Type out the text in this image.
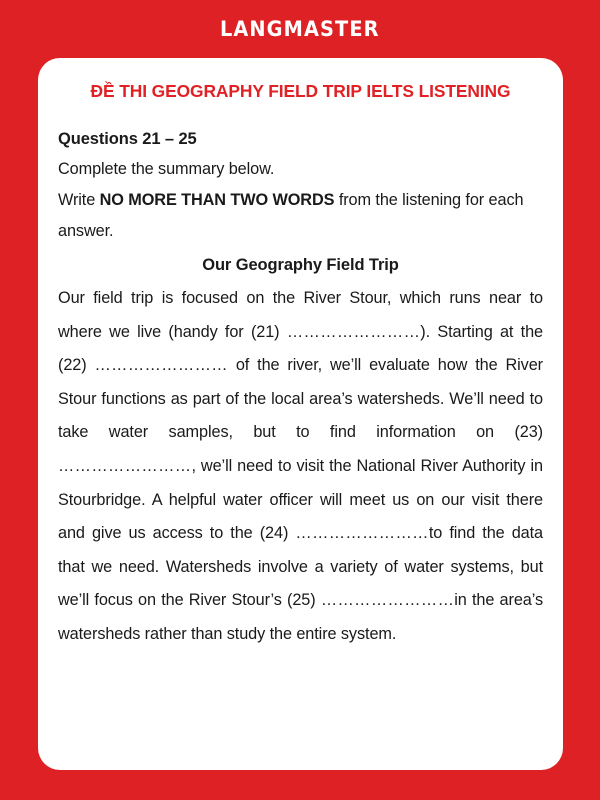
LANGMASTER
ĐỀ THI GEOGRAPHY FIELD TRIP IELTS LISTENING

Questions 21 – 25

Complete the summary below.

Write NO MORE THAN TWO WORDS from the listening for each answer.

Our Geography Field Trip

Our field trip is focused on the River Stour, which runs near to where we live (handy for (21) ……………………). Starting at the (22) …………………… of the river, we’ll evaluate how the River Stour functions as part of the local area’s watersheds. We’ll need to take water samples, but to find information on (23) ……………………, we’ll need to visit the National River Authority in Stourbridge. A helpful water officer will meet us on our visit there and give us access to the (24) ……………………to find the data that we need. Watersheds involve a variety of water systems, but we’ll focus on the River Stour’s (25) ……………………in the area’s watersheds rather than study the entire system.
